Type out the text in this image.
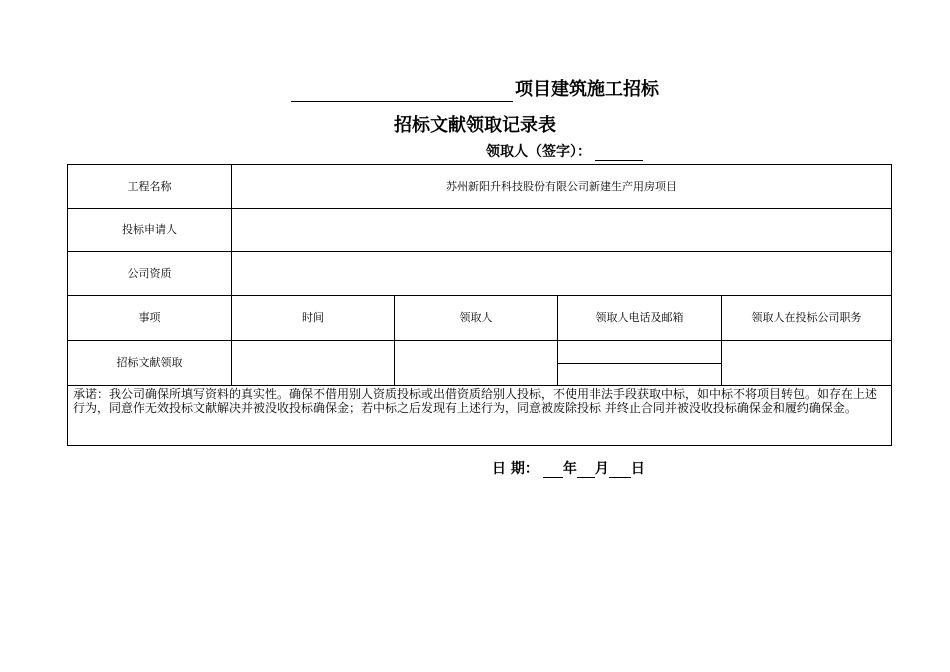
项目建筑施工招标
招标文献领取记录表
领取人（签字）：
工程名称	苏州新阳升科技股份有限公司新建生产用房项目			
投标申请人				
公司资质				
事项	时间	领取人	领取人电话及邮箱	领取人在投标公司职务
招标文献领取			

承诺：我公司确保所填写资料的真实性。确保不借用别人资质投标或出借资质给别人投标，不使用非法手段获取中标，如中标不将项目转包。如存在上述行为，同意作无效投标文献解决并被没收投标确保金；若中标之后发现有上述行为，同意被废除投标 并终止合同并被没收投标确保金和履约确保金。				
日 期： 年 月 日
